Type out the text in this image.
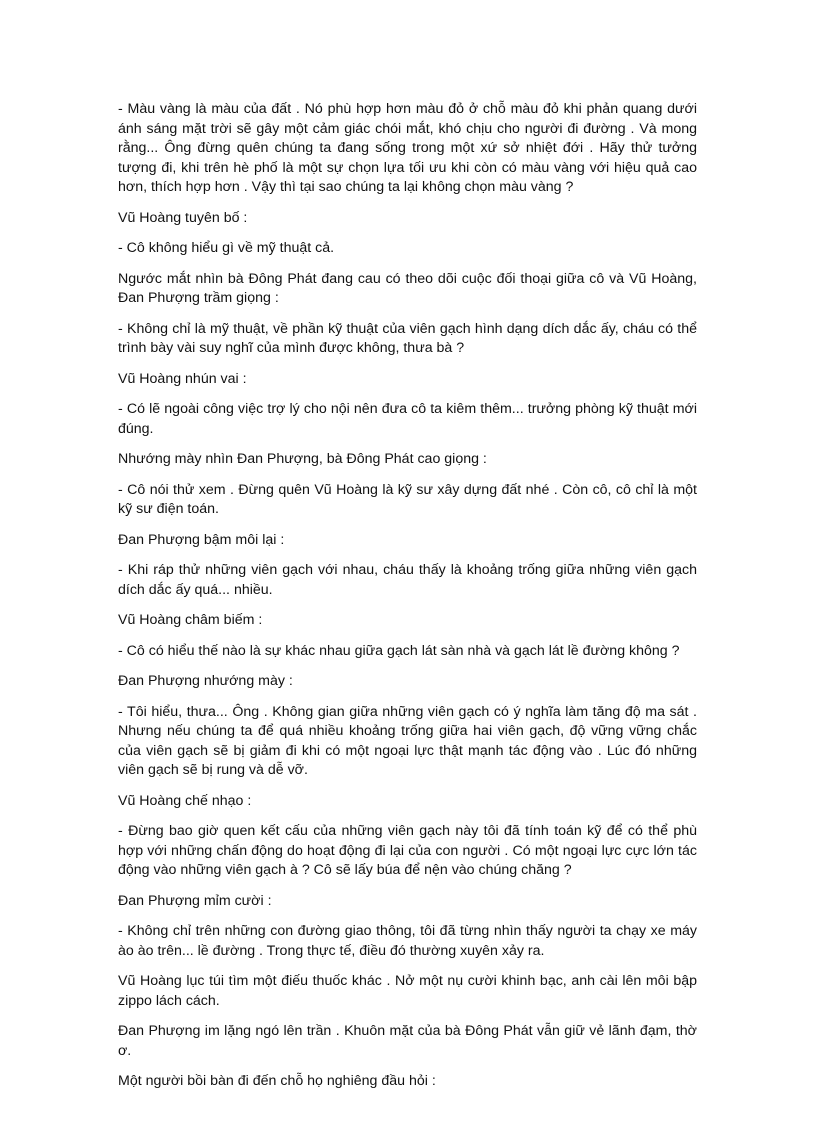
- Màu vàng là màu của đất . Nó phù hợp hơn màu đỏ ở chỗ màu đỏ khi phản quang dưới ánh sáng mặt trời sẽ gây một cảm giác chói mắt, khó chịu cho người đi đường . Và mong rằng... Ông đừng quên chúng ta đang sống trong một xứ sở nhiệt đới . Hãy thử tưởng tượng đi, khi trên hè phố là một sự chọn lựa tối ưu khi còn có màu vàng với hiệu quả cao hơn, thích hợp hơn . Vậy thì tại sao chúng ta lại không chọn màu vàng ?

Vũ Hoàng tuyên bố :

- Cô không hiểu gì về mỹ thuật cả.

Ngước mắt nhìn bà Đông Phát đang cau có theo dõi cuộc đối thoại giữa cô và Vũ Hoàng, Đan Phượng trầm giọng :

- Không chỉ là mỹ thuật, về phần kỹ thuật của viên gạch hình dạng dích dắc ấy, cháu có thể trình bày vài suy nghĩ của mình được không, thưa bà ?

Vũ Hoàng nhún vai :

- Có lẽ ngoài công việc trợ lý cho nội nên đưa cô ta kiêm thêm... trưởng phòng kỹ thuật mới đúng.

Nhướng mày nhìn Đan Phượng, bà Đông Phát cao giọng :

- Cô nói thử xem . Đừng quên Vũ Hoàng là kỹ sư xây dựng đất nhé . Còn cô, cô chỉ là một kỹ sư điện toán.

Đan Phượng bậm môi lại :

- Khi ráp thử những viên gạch với nhau, cháu thấy là khoảng trống giữa những viên gạch dích dắc ấy quá... nhiều.

Vũ Hoàng châm biếm :

- Cô có hiểu thế nào là sự khác nhau giữa gạch lát sàn nhà và gạch lát lề đường không ?

Đan Phượng nhướng mày :

- Tôi hiểu, thưa... Ông . Không gian giữa những viên gạch có ý nghĩa làm tăng độ ma sát . Nhưng nếu chúng ta để quá nhiều khoảng trống giữa hai viên gạch, độ vững vững chắc của viên gạch sẽ bị giảm đi khi có một ngoại lực thật mạnh tác động vào . Lúc đó những viên gạch sẽ bị rung và dễ vỡ.

Vũ Hoàng chế nhạo :

- Đừng bao giờ quen kết cấu của những viên gạch này tôi đã tính toán kỹ để có thể phù hợp với những chấn động do hoạt động đi lại của con người . Có một ngoại lực cực lớn tác động vào những viên gạch à ? Cô sẽ lấy búa để nện vào chúng chăng ?

Đan Phượng mỉm cười :

- Không chỉ trên những con đường giao thông, tôi đã từng nhìn thấy người ta chạy xe máy ào ào trên... lề đường . Trong thực tế, điều đó thường xuyên xảy ra.

Vũ Hoàng lục túi tìm một điếu thuốc khác . Nở một nụ cười khinh bạc, anh cài lên môi bập zippo lách cách.

Đan Phượng im lặng ngó lên trần . Khuôn mặt của bà Đông Phát vẫn giữ vẻ lãnh đạm, thờ ơ.

Một người bồi bàn đi đến chỗ họ nghiêng đầu hỏi :
